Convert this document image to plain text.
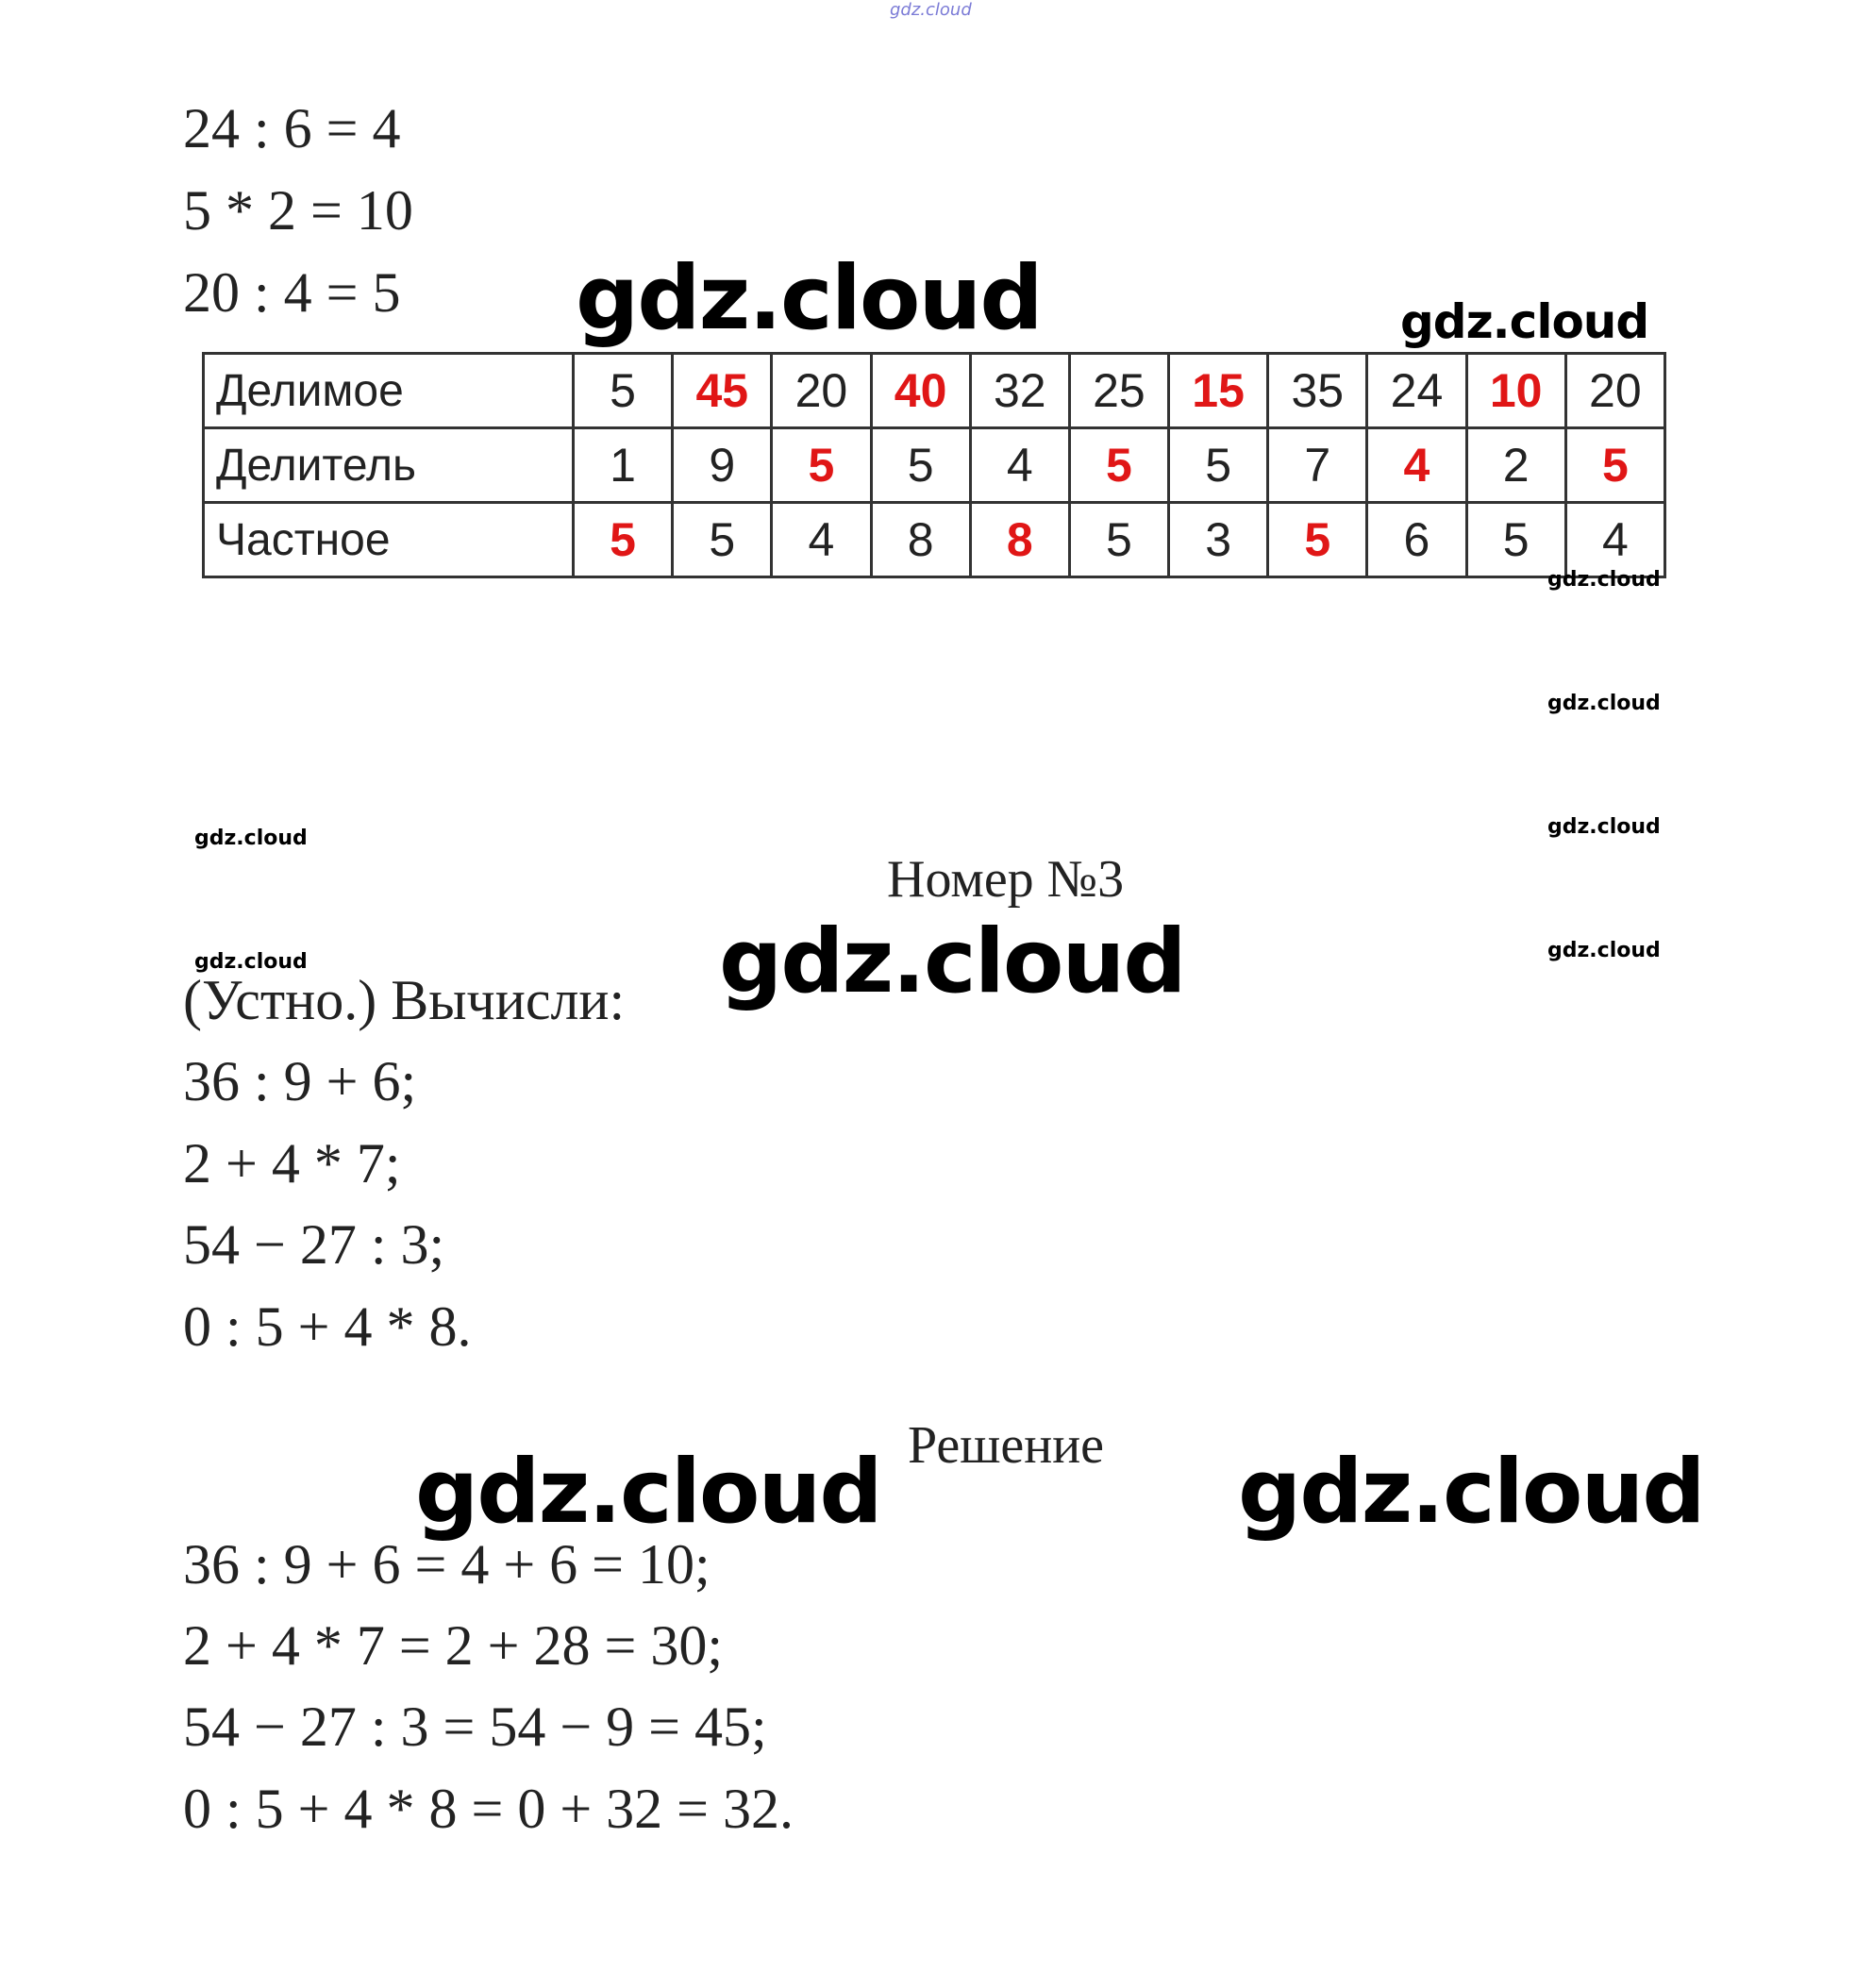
gdz.cloud
24 : 6 = 4
5 * 2 = 10
20 : 4 = 5 gdz.cloud	gdz.cloud
Делимое	5	45	20	40	32	25	15	35	24	10	20
Делитель	1	9	5	5	4	5	5	7	4	2	5
Частное	5	5	4	8	8	5	3	5	6	5	4
gdz.cloud
gdz.cloud
gdz.cloud
gdz.cloud
gdz.cloud
gdz.cloud
Номер №3
gdz.cloud
(Устно.) Вычисли:
36 : 9 + 6;
2 + 4 * 7;
54 − 27 : 3;
0 : 5 + 4 * 8.
Решение
gdz.cloud	gdz.cloud
36 : 9 + 6 = 4 + 6 = 10;
2 + 4 * 7 = 2 + 28 = 30;
54 − 27 : 3 = 54 − 9 = 45;
0 : 5 + 4 * 8 = 0 + 32 = 32.
